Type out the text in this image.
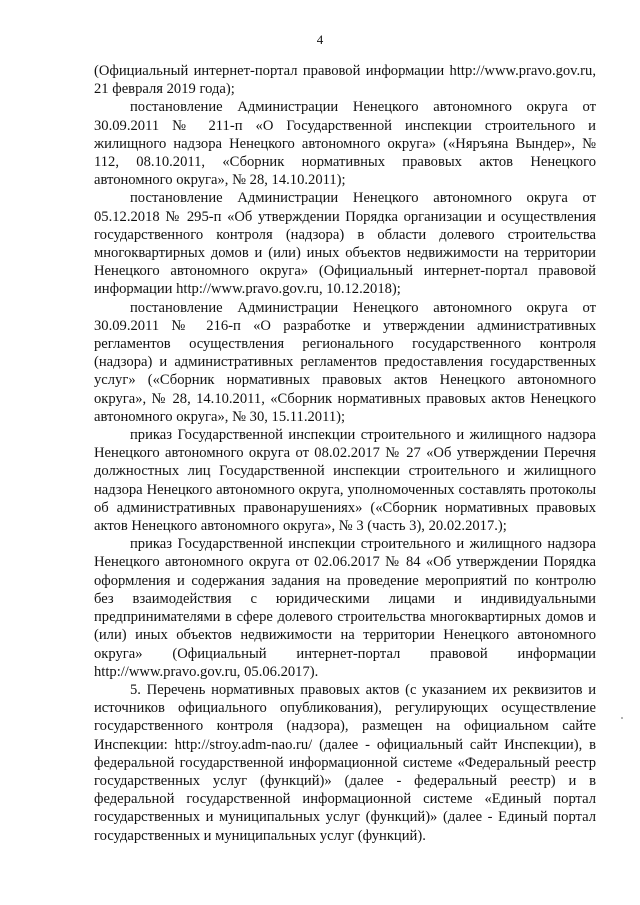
4

(Официальный интернет-портал правовой информации http://www.pravo.gov.ru, 21 февраля 2019 года);

постановление Администрации Ненецкого автономного округа от 30.09.2011 № 211-п «О Государственной инспекции строительного и жилищного надзора Ненецкого автономного округа» («Няръяна Вындер», № 112, 08.10.2011, «Сборник нормативных правовых актов Ненецкого автономного округа», № 28, 14.10.2011);

постановление Администрации Ненецкого автономного округа от 05.12.2018 № 295-п «Об утверждении Порядка организации и осуществления государственного контроля (надзора) в области долевого строительства многоквартирных домов и (или) иных объектов недвижимости на территории Ненецкого автономного округа» (Официальный интернет-портал правовой информации http://www.pravo.gov.ru, 10.12.2018);

постановление Администрации Ненецкого автономного округа от 30.09.2011 № 216-п «О разработке и утверждении административных регламентов осуществления регионального государственного контроля (надзора) и административных регламентов предоставления государственных услуг» («Сборник нормативных правовых актов Ненецкого автономного округа», № 28, 14.10.2011, «Сборник нормативных правовых актов Ненецкого автономного округа», № 30, 15.11.2011);

приказ Государственной инспекции строительного и жилищного надзора Ненецкого автономного округа от 08.02.2017 № 27 «Об утверждении Перечня должностных лиц Государственной инспекции строительного и жилищного надзора Ненецкого автономного округа, уполномоченных составлять протоколы об административных правонарушениях» («Сборник нормативных правовых актов Ненецкого автономного округа», № 3 (часть 3), 20.02.2017.);

приказ Государственной инспекции строительного и жилищного надзора Ненецкого автономного округа от 02.06.2017 № 84 «Об утверждении Порядка оформления и содержания задания на проведение мероприятий по контролю без взаимодействия с юридическими лицами и индивидуальными предпринимателями в сфере долевого строительства многоквартирных домов и (или) иных объектов недвижимости на территории Ненецкого автономного округа» (Официальный интернет-портал правовой информации http://www.pravo.gov.ru, 05.06.2017).

5. Перечень нормативных правовых актов (с указанием их реквизитов и источников официального опубликования), регулирующих осуществление государственного контроля (надзора), размещен на официальном сайте Инспекции: http://stroy.adm-nao.ru/ (далее - официальный сайт Инспекции), в федеральной государственной информационной системе «Федеральный реестр государственных услуг (функций)» (далее - федеральный реестр) и в федеральной государственной информационной системе «Единый портал государственных и муниципальных услуг (функций)» (далее - Единый портал государственных и муниципальных услуг (функций).
